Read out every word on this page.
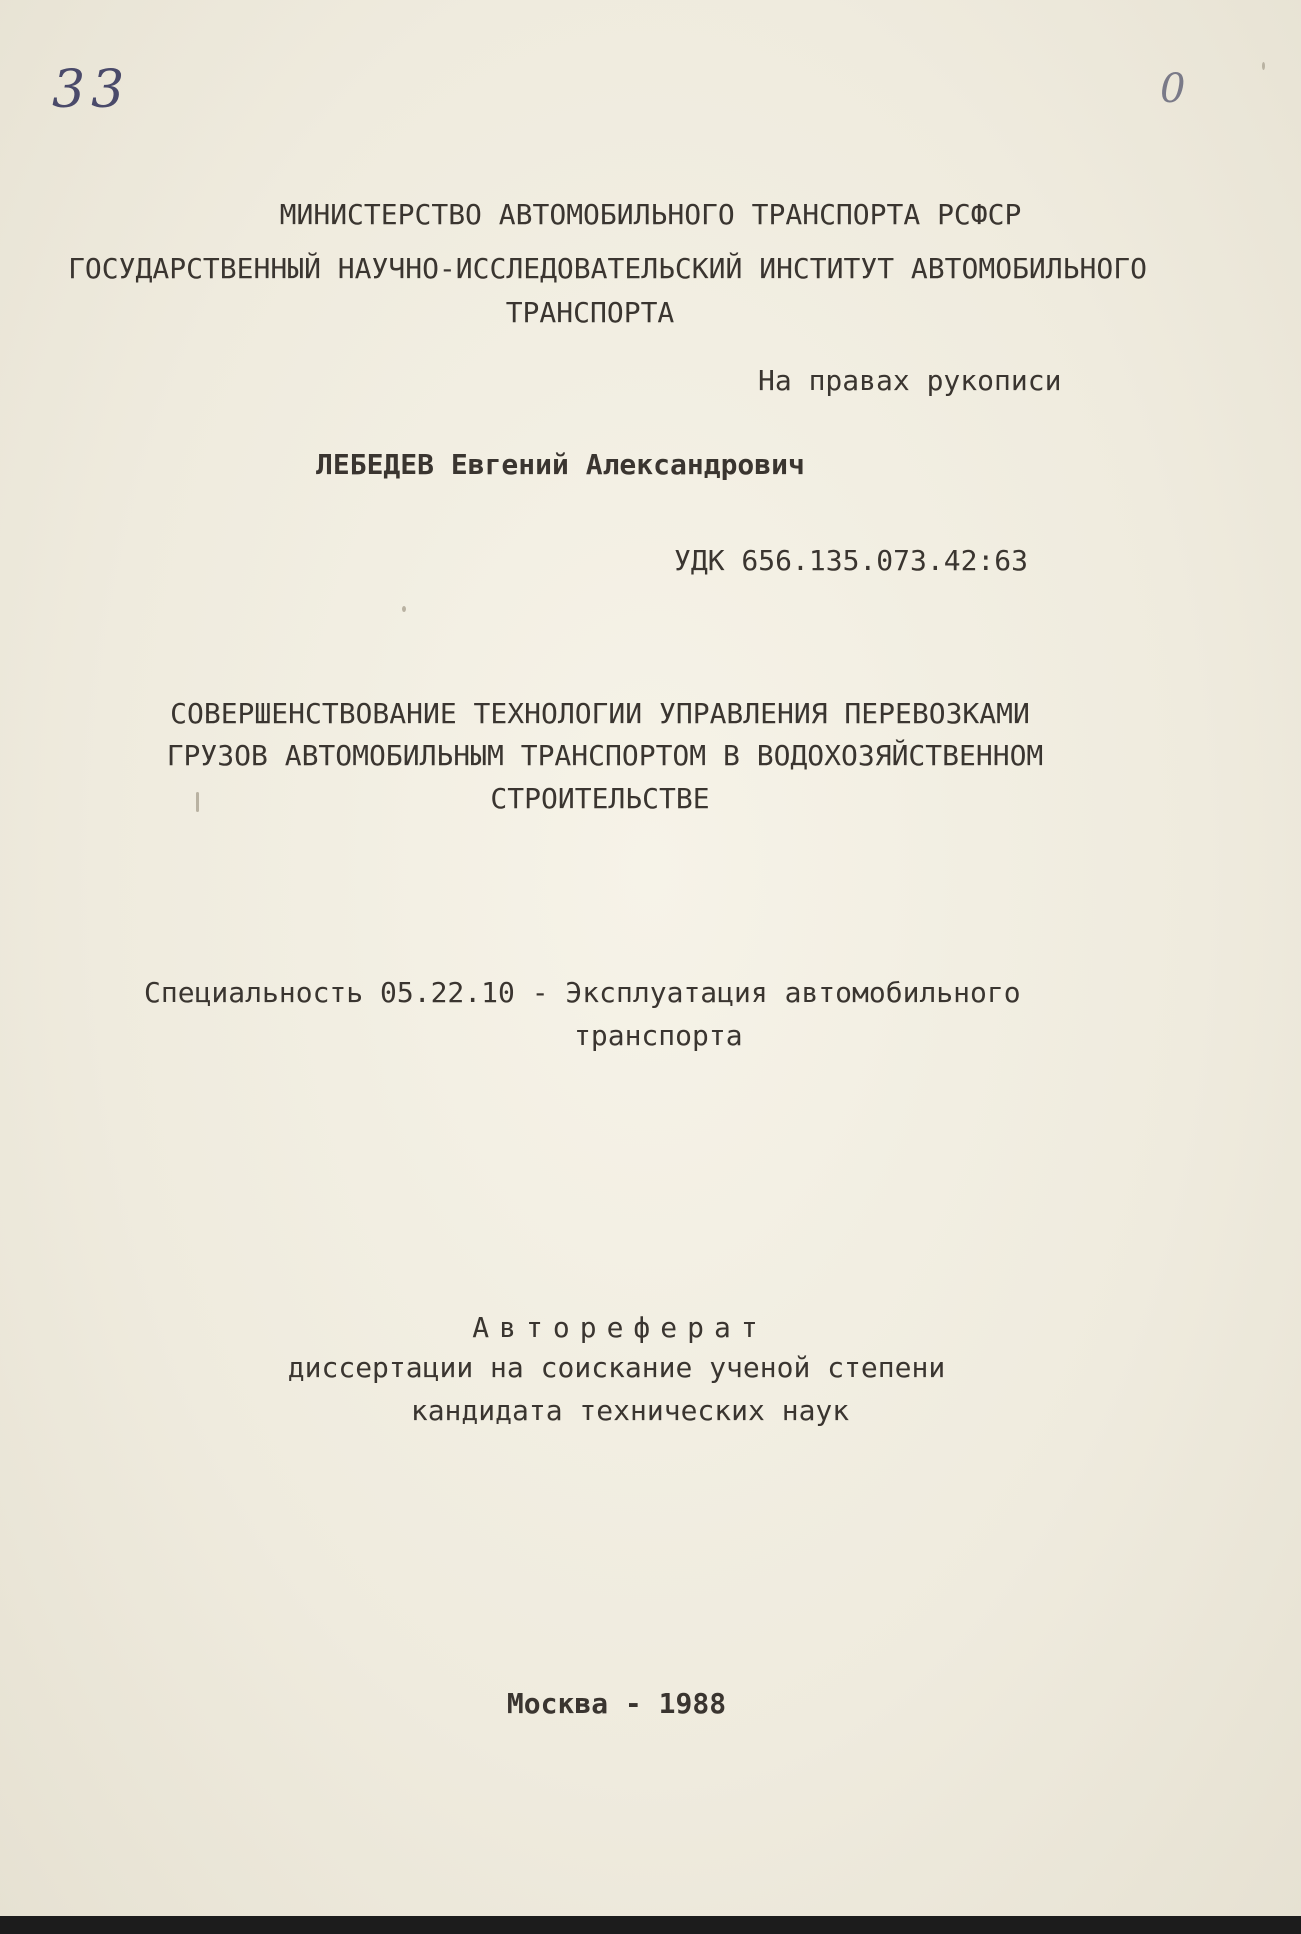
33	0
МИНИСТЕРСТВО АВТОМОБИЛЬНОГО ТРАНСПОРТА РСФСР
ГОСУДАРСТВЕННЫЙ НАУЧНО-ИССЛЕДОВАТЕЛЬСКИЙ ИНСТИТУТ АВТОМОБИЛЬНОГО
ТРАНСПОРТА
На правах рукописи
ЛЕБЕДЕВ Евгений Александрович
УДК 656.135.073.42:63
СОВЕРШЕНСТВОВАНИЕ ТЕХНОЛОГИИ УПРАВЛЕНИЯ ПЕРЕВОЗКАМИ
ГРУЗОВ АВТОМОБИЛЬНЫМ ТРАНСПОРТОМ В ВОДОХОЗЯЙСТВЕННОМ
СТРОИТЕЛЬСТВЕ
Специальность 05.22.10 - Эксплуатация автомобильного
транспорта
Автореферат
диссертации на соискание ученой степени
кандидата технических наук
Москва - 1988
